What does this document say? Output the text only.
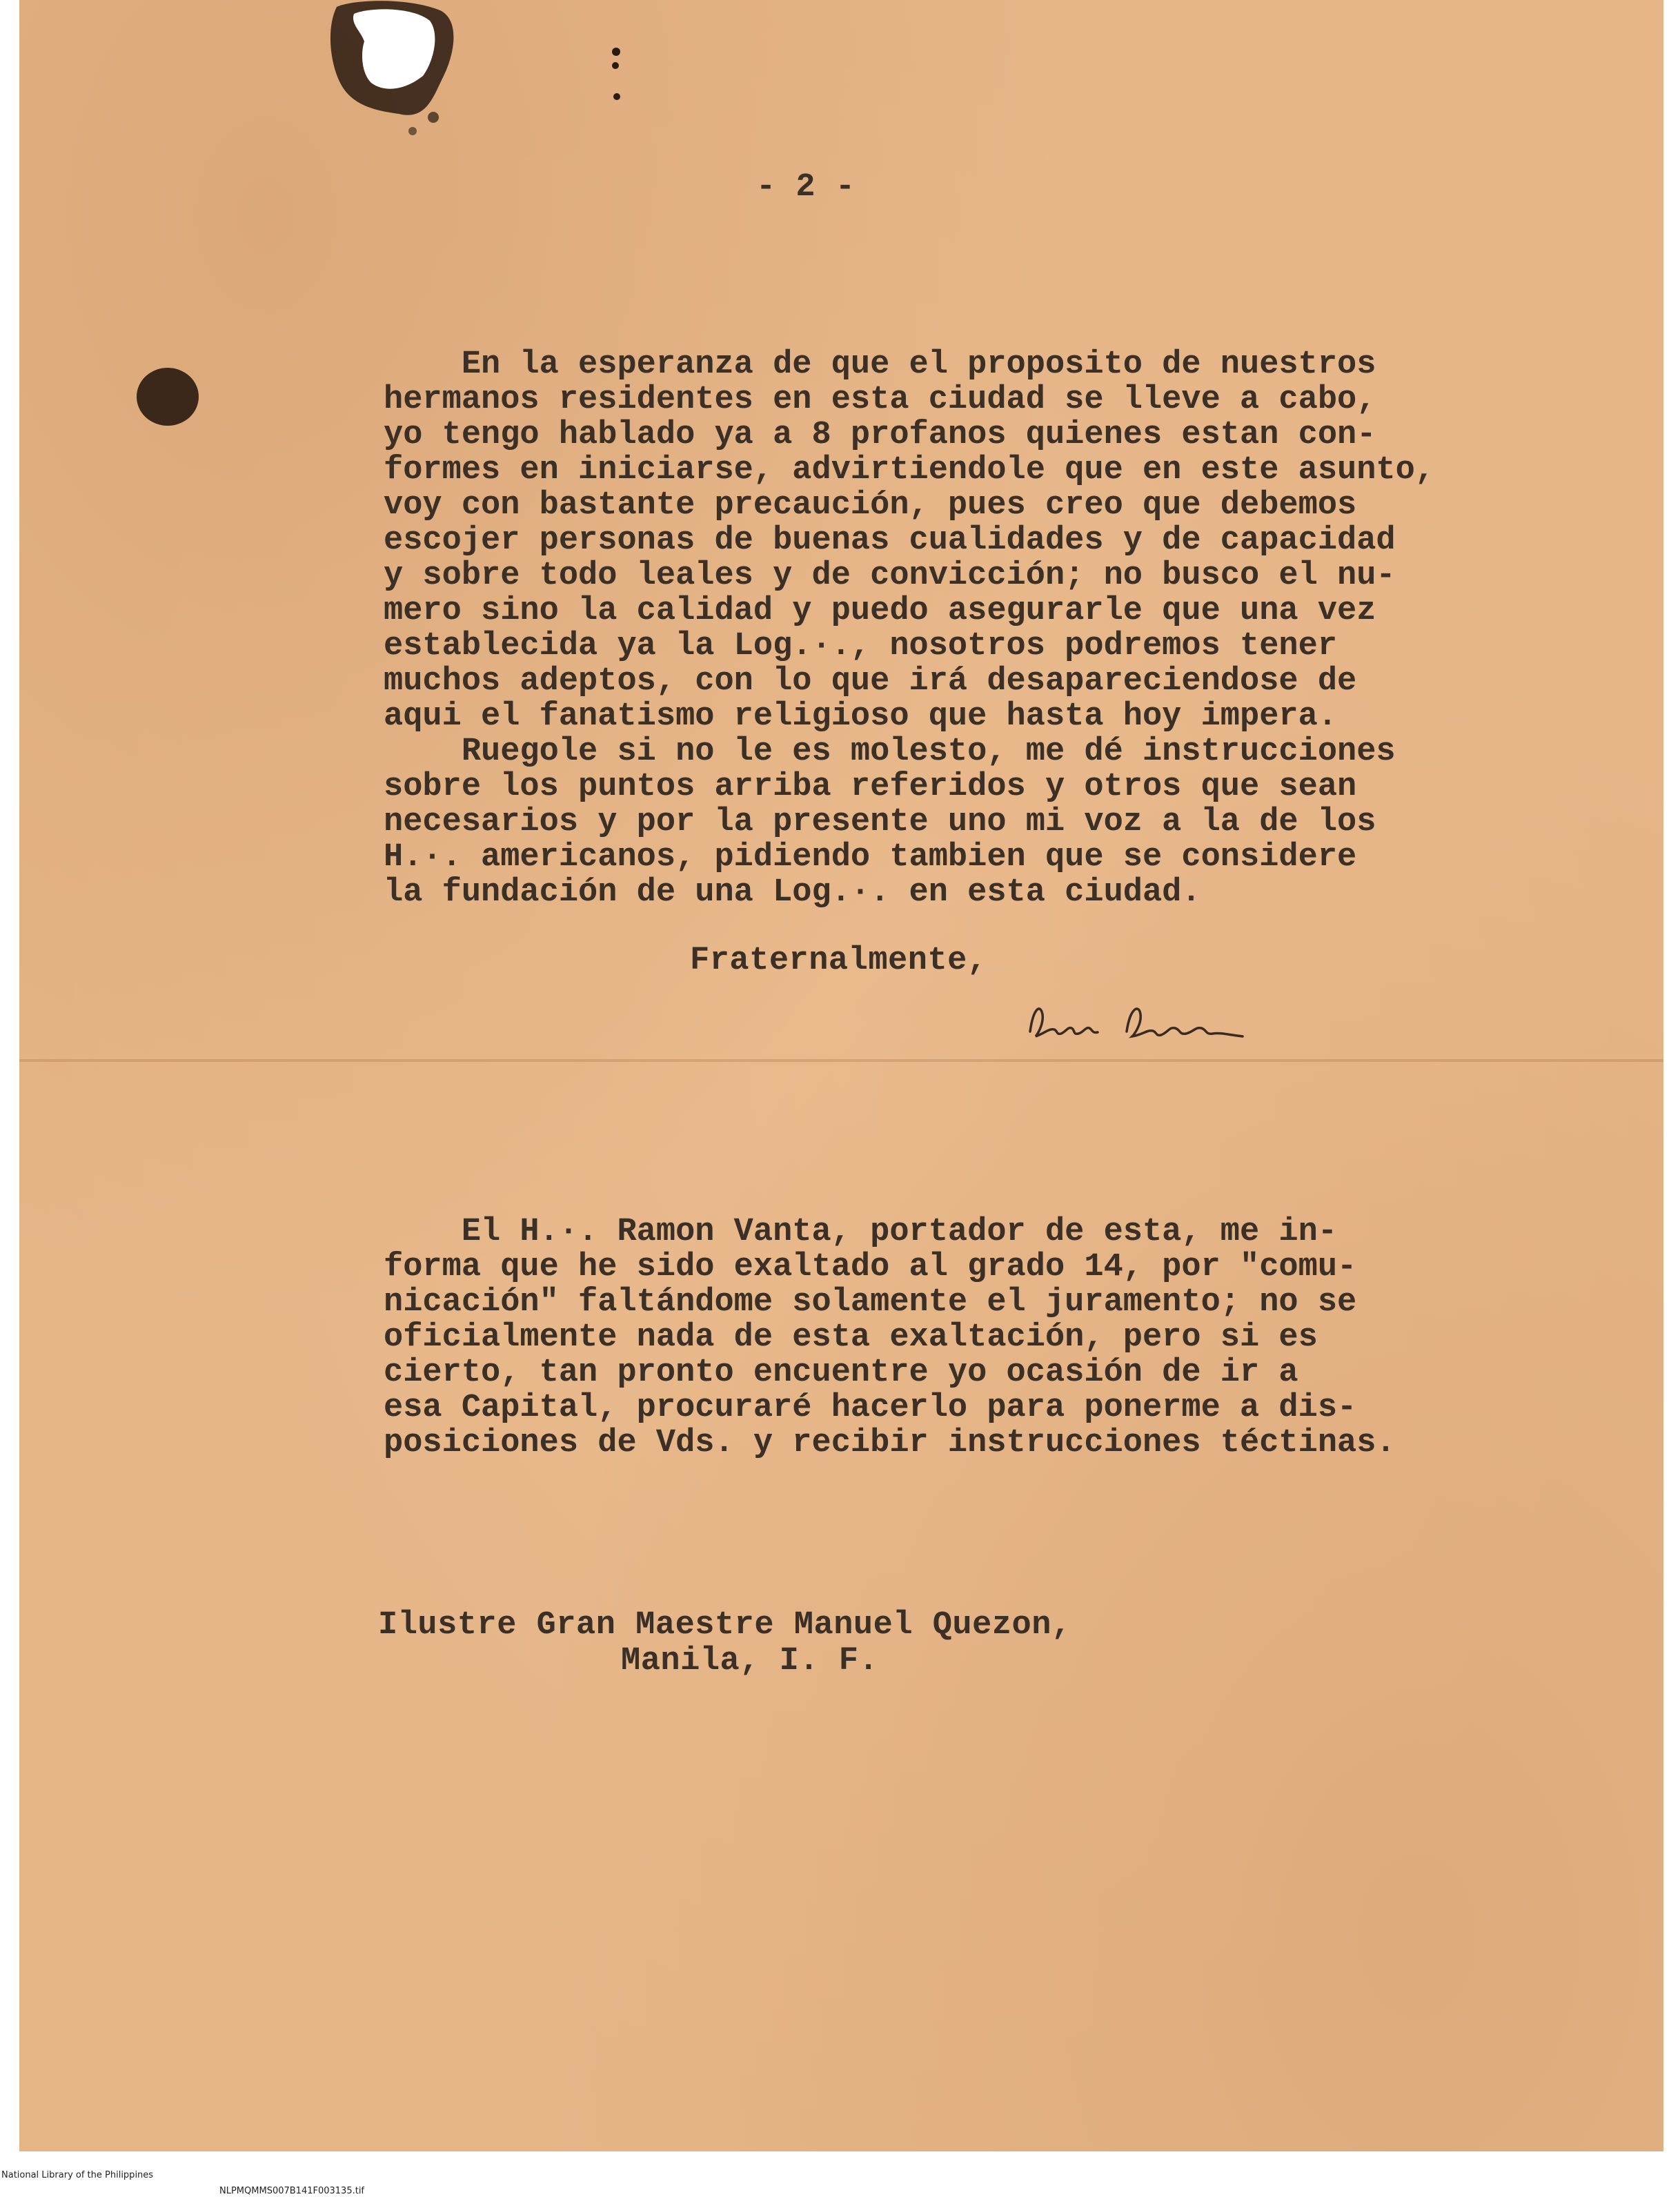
- 2 -
En la esperanza de que el proposito de nuestros
hermanos residentes en esta ciudad se lleve a cabo,
yo tengo hablado ya a 8 profanos quienes estan con-
formes en iniciarse, advirtiendole que en este asunto,
voy con bastante precaución, pues creo que debemos
escojer personas de buenas cualidades y de capacidad
y sobre todo leales y de convicción; no busco el nu-
mero sino la calidad y puedo asegurarle que una vez
establecida ya la Log.·., nosotros podremos tener
muchos adeptos, con lo que irá desapareciendose de
aqui el fanatismo religioso que hasta hoy impera.
Ruegole si no le es molesto, me dé instrucciones
sobre los puntos arriba referidos y otros que sean
necesarios y por la presente uno mi voz a la de los
H.·. americanos, pidiendo tambien que se considere
la fundación de una Log.·. en esta ciudad.
Fraternalmente,
El H.·. Ramon Vanta, portador de esta, me in-
forma que he sido exaltado al grado 14, por "comu-
nicación" faltándome solamente el juramento; no se
oficialmente nada de esta exaltación, pero si es
cierto, tan pronto encuentre yo ocasión de ir a
esa Capital, procuraré hacerlo para ponerme a dis-
posiciones de Vds. y recibir instrucciones téctinas.
Ilustre Gran Maestre Manuel Quezon,
Manila, I. F.

National Library of the Philippines

NLPMQMMS007B141F003135.tif
